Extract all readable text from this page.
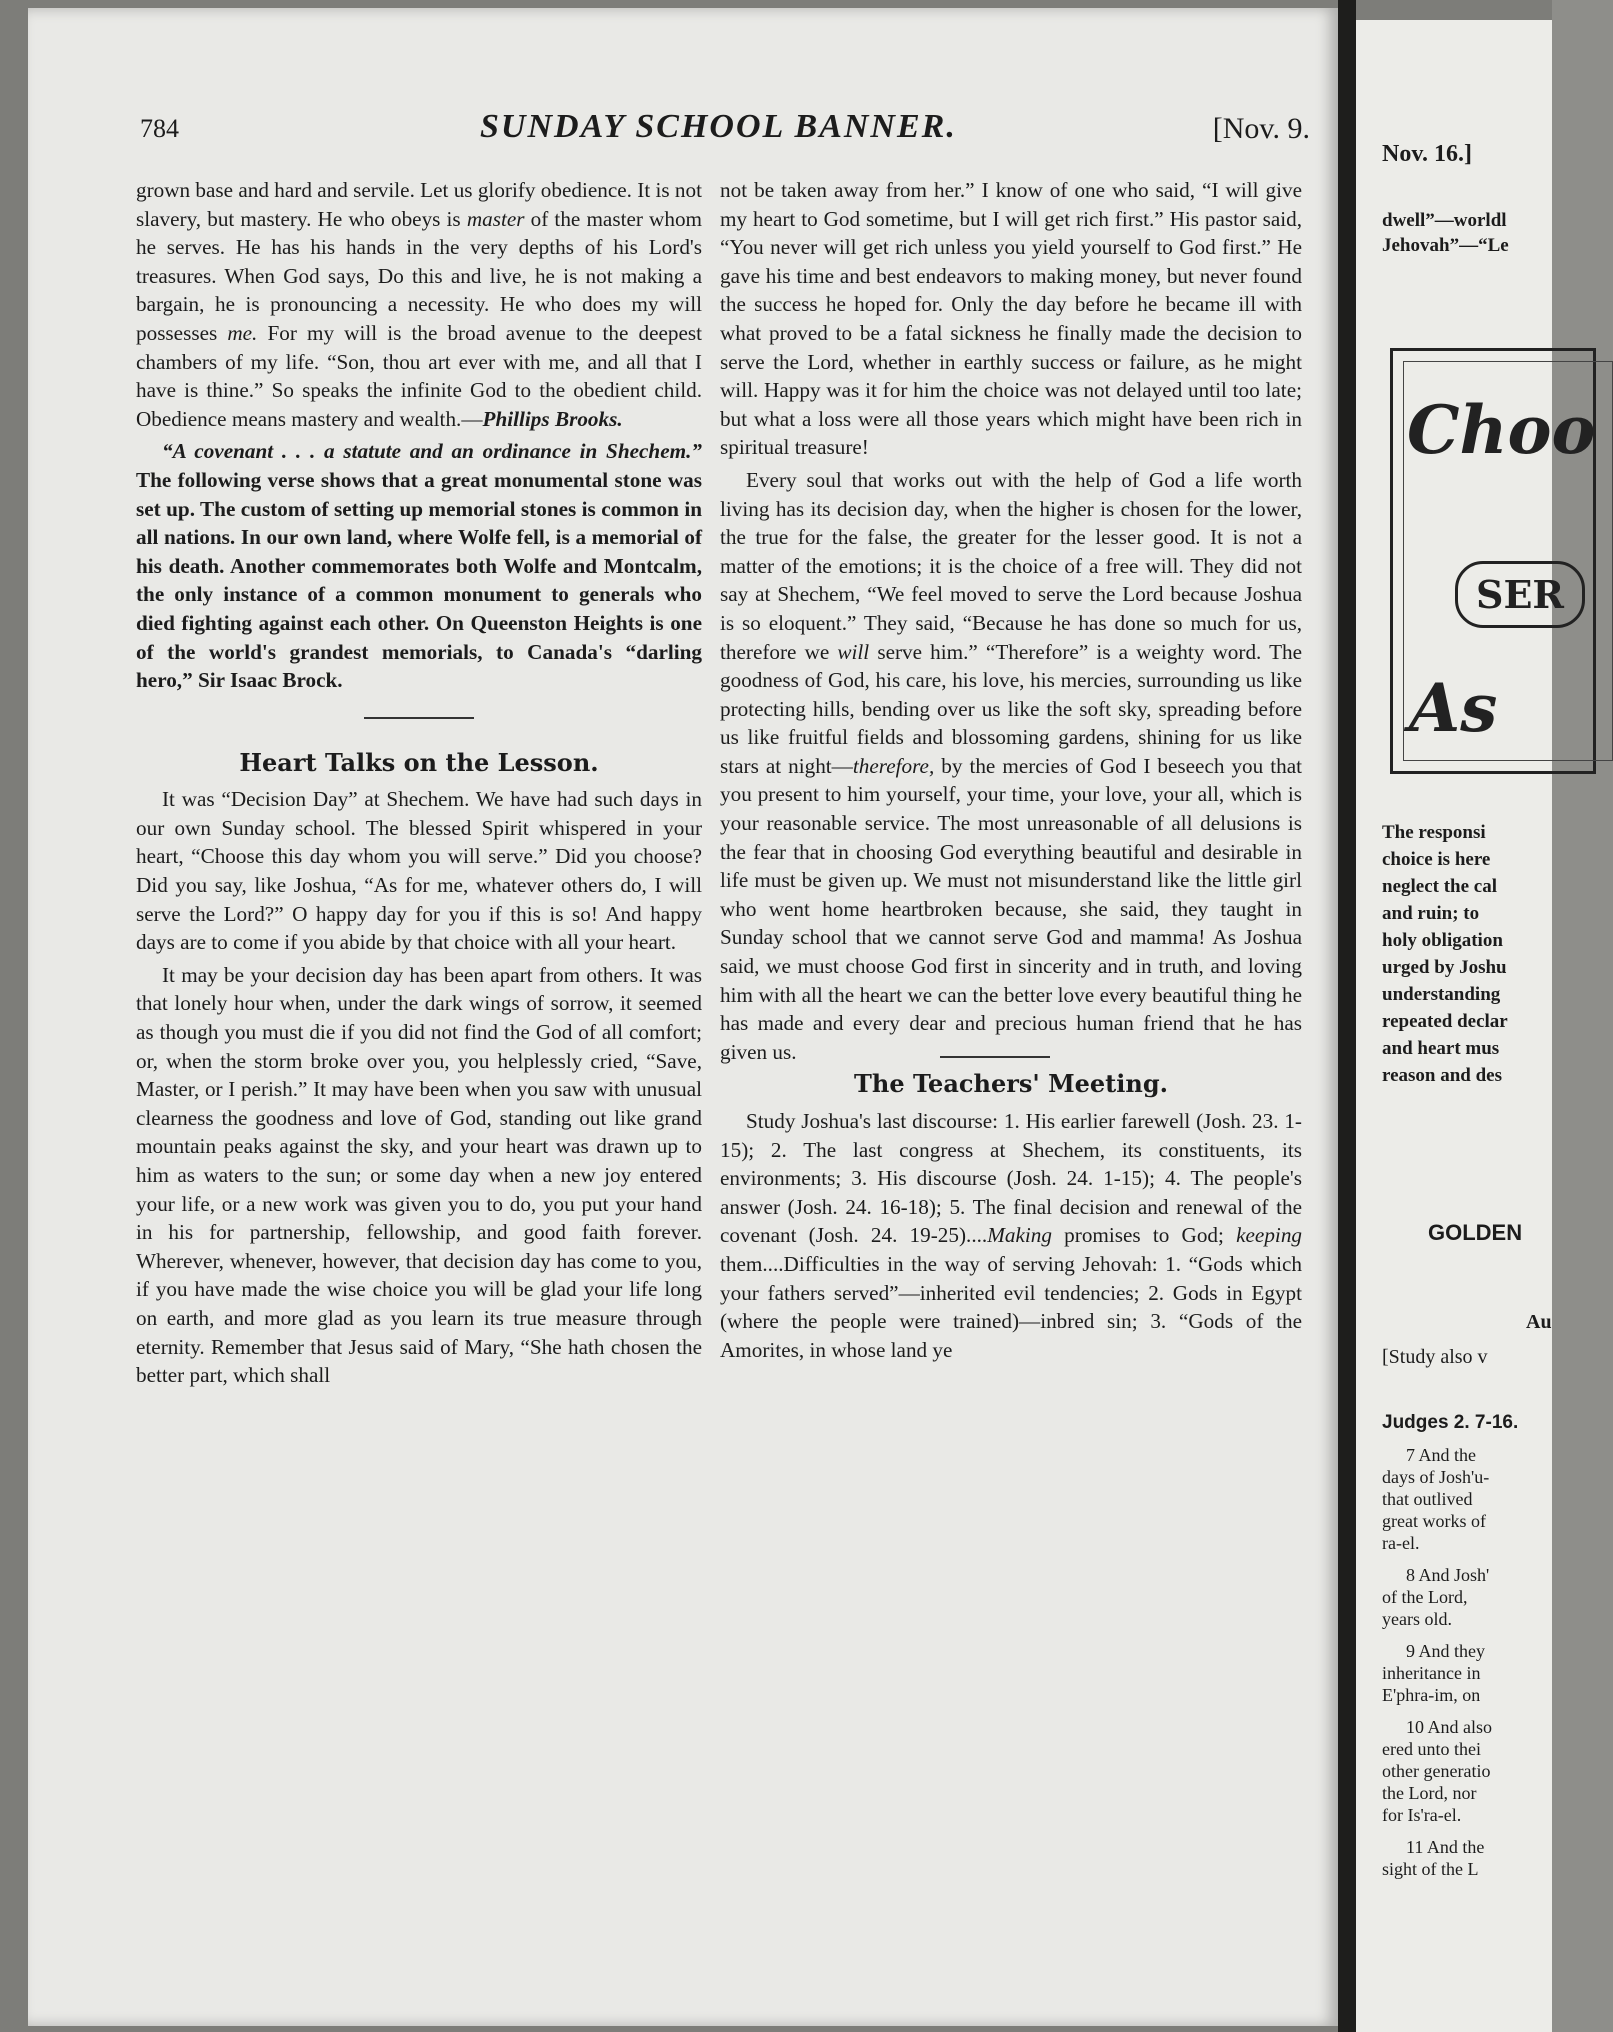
784	SUNDAY SCHOOL BANNER.	[Nov. 9.

grown base and hard and servile. Let us glorify obedience. It is not slavery, but mastery. He who obeys is master of the master whom he serves. He has his hands in the very depths of his Lord's treasures. When God says, Do this and live, he is not making a bargain, he is pronouncing a necessity. He who does my will possesses me. For my will is the broad avenue to the deepest chambers of my life. “Son, thou art ever with me, and all that I have is thine.” So speaks the infinite God to the obedient child. Obedience means mastery and wealth.—Phillips Brooks.

“A covenant . . . a statute and an ordinance in Shechem.” The following verse shows that a great monumental stone was set up. The custom of setting up memorial stones is common in all nations. In our own land, where Wolfe fell, is a memorial of his death. Another commemorates both Wolfe and Montcalm, the only instance of a common monument to generals who died fighting against each other. On Queenston Heights is one of the world's grandest memorials, to Canada's “darling hero,” Sir Isaac Brock.

Heart Talks on the Lesson.

It was “Decision Day” at Shechem. We have had such days in our own Sunday school. The blessed Spirit whispered in your heart, “Choose this day whom you will serve.” Did you choose? Did you say, like Joshua, “As for me, whatever others do, I will serve the Lord?” O happy day for you if this is so! And happy days are to come if you abide by that choice with all your heart.

It may be your decision day has been apart from others. It was that lonely hour when, under the dark wings of sorrow, it seemed as though you must die if you did not find the God of all comfort; or, when the storm broke over you, you helplessly cried, “Save, Master, or I perish.” It may have been when you saw with unusual clearness the goodness and love of God, standing out like grand mountain peaks against the sky, and your heart was drawn up to him as waters to the sun; or some day when a new joy entered your life, or a new work was given you to do, you put your hand in his for partnership, fellowship, and good faith forever. Wherever, whenever, however, that decision day has come to you, if you have made the wise choice you will be glad your life long on earth, and more glad as you learn its true measure through eternity. Remember that Jesus said of Mary, “She hath chosen the better part, which shall

not be taken away from her.” I know of one who said, “I will give my heart to God sometime, but I will get rich first.” His pastor said, “You never will get rich unless you yield yourself to God first.” He gave his time and best endeavors to making money, but never found the success he hoped for. Only the day before he became ill with what proved to be a fatal sickness he finally made the decision to serve the Lord, whether in earthly success or failure, as he might will. Happy was it for him the choice was not delayed until too late; but what a loss were all those years which might have been rich in spiritual treasure!

Every soul that works out with the help of God a life worth living has its decision day, when the higher is chosen for the lower, the true for the false, the greater for the lesser good. It is not a matter of the emotions; it is the choice of a free will. They did not say at Shechem, “We feel moved to serve the Lord because Joshua is so eloquent.” They said, “Because he has done so much for us, therefore we will serve him.” “Therefore” is a weighty word. The goodness of God, his care, his love, his mercies, surrounding us like protecting hills, bending over us like the soft sky, spreading before us like fruitful fields and blossoming gardens, shining for us like stars at night—therefore, by the mercies of God I beseech you that you present to him yourself, your time, your love, your all, which is your reasonable service. The most unreasonable of all delusions is the fear that in choosing God everything beautiful and desirable in life must be given up. We must not misunderstand like the little girl who went home heartbroken because, she said, they taught in Sunday school that we cannot serve God and mamma! As Joshua said, we must choose God first in sincerity and in truth, and loving him with all the heart we can the better love every beautiful thing he has made and every dear and precious human friend that he has given us.

The Teachers' Meeting.

Study Joshua's last discourse: 1. His earlier farewell (Josh. 23. 1-15); 2. The last congress at Shechem, its constituents, its environments; 3. His discourse (Josh. 24. 1-15); 4. The people's answer (Josh. 24. 16-18); 5. The final decision and renewal of the covenant (Josh. 24. 19-25)....Making promises to God; keeping them....Difficulties in the way of serving Jehovah: 1. “Gods which your fathers served”—inherited evil tendencies; 2. Gods in Egypt (where the people were trained)—inbred sin; 3. “Gods of the Amorites, in whose land ye

Nov. 16.]
dwell”—worldl
Jehovah”—“Le
Choo
SER
As
The responsi
choice is here
neglect the cal
and ruin; to
holy obligation
urged by Joshu
understanding
repeated declar
and heart mus
reason and des
GOLDEN
Au
[Study also v
Judges 2. 7-16.
7 And the
days of Josh'u-
that outlived
great works of
ra-el.
8 And Josh'
of the Lord,
years old.
9 And they
inheritance in
E'phra-im, on
10 And also
ered unto thei
other generatio
the Lord, nor
for Is'ra-el.
11 And the
sight of the L
